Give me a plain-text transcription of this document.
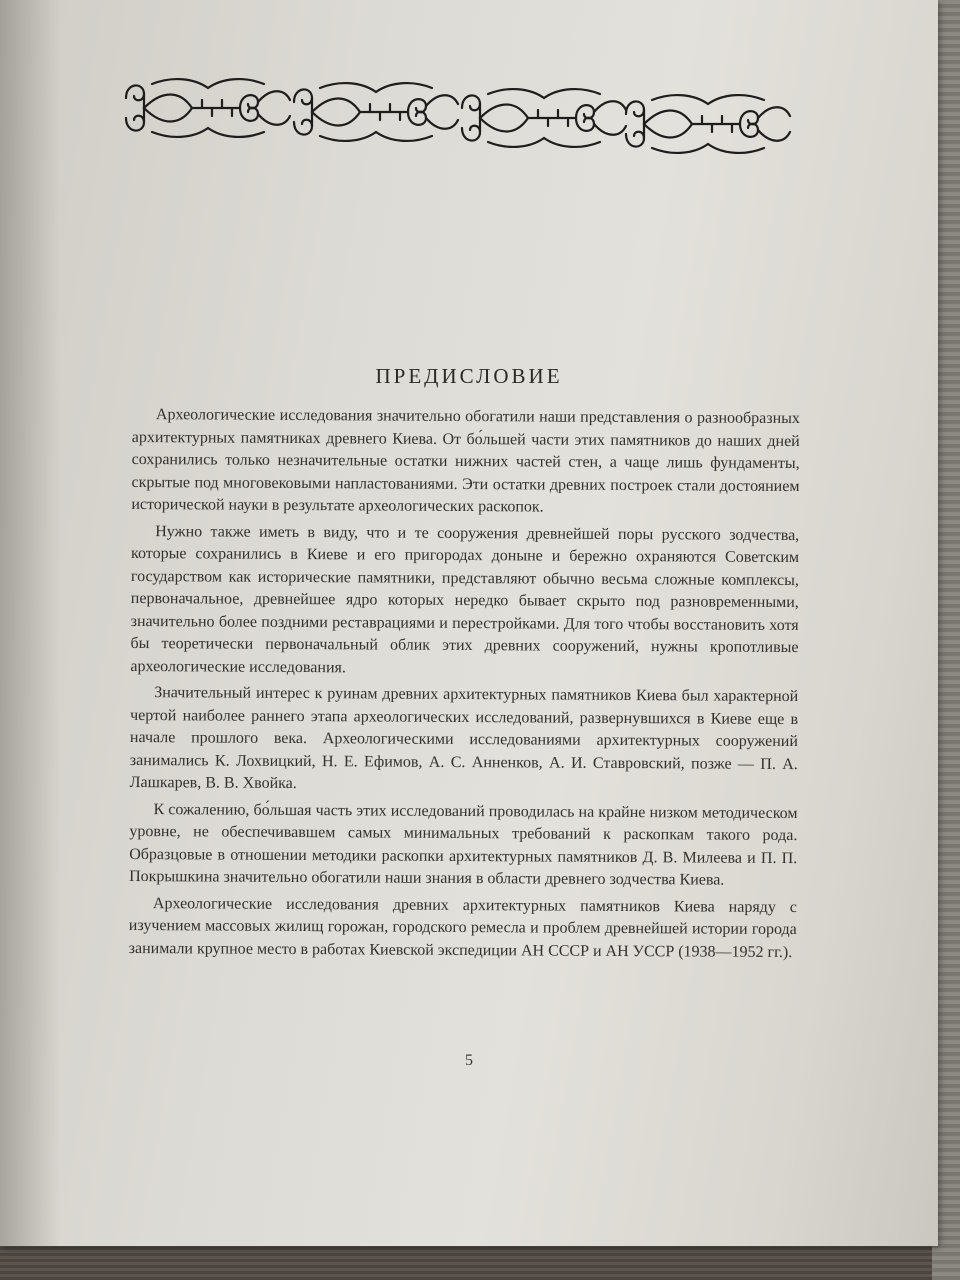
ПРЕДИСЛОВИЕ

Археологические исследования значительно обогатили наши представления о разнообразных архитектурных памятниках древнего Киева. От бо́льшей части этих памятников до наших дней сохранились только незначительные остатки нижних частей стен, а чаще лишь фундаменты, скрытые под многовековыми напластованиями. Эти остатки древних построек стали достоянием исторической науки в результате археологических раскопок.

Нужно также иметь в виду, что и те сооружения древнейшей поры русского зодчества, которые сохранились в Киеве и его пригородах доныне и бережно охраняются Советским государством как исторические памятники, представляют обычно весьма сложные комплексы, первоначальное, древнейшее ядро которых нередко бывает скрыто под разновременными, значительно более поздними реставрациями и перестройками. Для того чтобы восстановить хотя бы теоретически первоначальный облик этих древних сооружений, нужны кропотливые археологические исследования.

Значительный интерес к руинам древних архитектурных памятников Киева был характерной чертой наиболее раннего этапа археологических исследований, развернувшихся в Киеве еще в начале прошлого века. Археологическими исследованиями архитектурных сооружений занимались К. Лохвицкий, Н. Е. Ефимов, А. С. Анненков, А. И. Ставровский, позже — П. А. Лашкарев, В. В. Хвойка.

К сожалению, бо́льшая часть этих исследований проводилась на крайне низком методическом уровне, не обеспечивавшем самых минимальных требований к раскопкам такого рода. Образцовые в отношении методики раскопки архитектурных памятников Д. В. Милеева и П. П. Покрышкина значительно обогатили наши знания в области древнего зодчества Киева.

Археологические исследования древних архитектурных памятников Киева наряду с изучением массовых жилищ горожан, городского ремесла и проблем древнейшей истории города занимали крупное место в работах Киевской экспедиции АН СССР и АН УССР (1938—1952 гг.).

5
